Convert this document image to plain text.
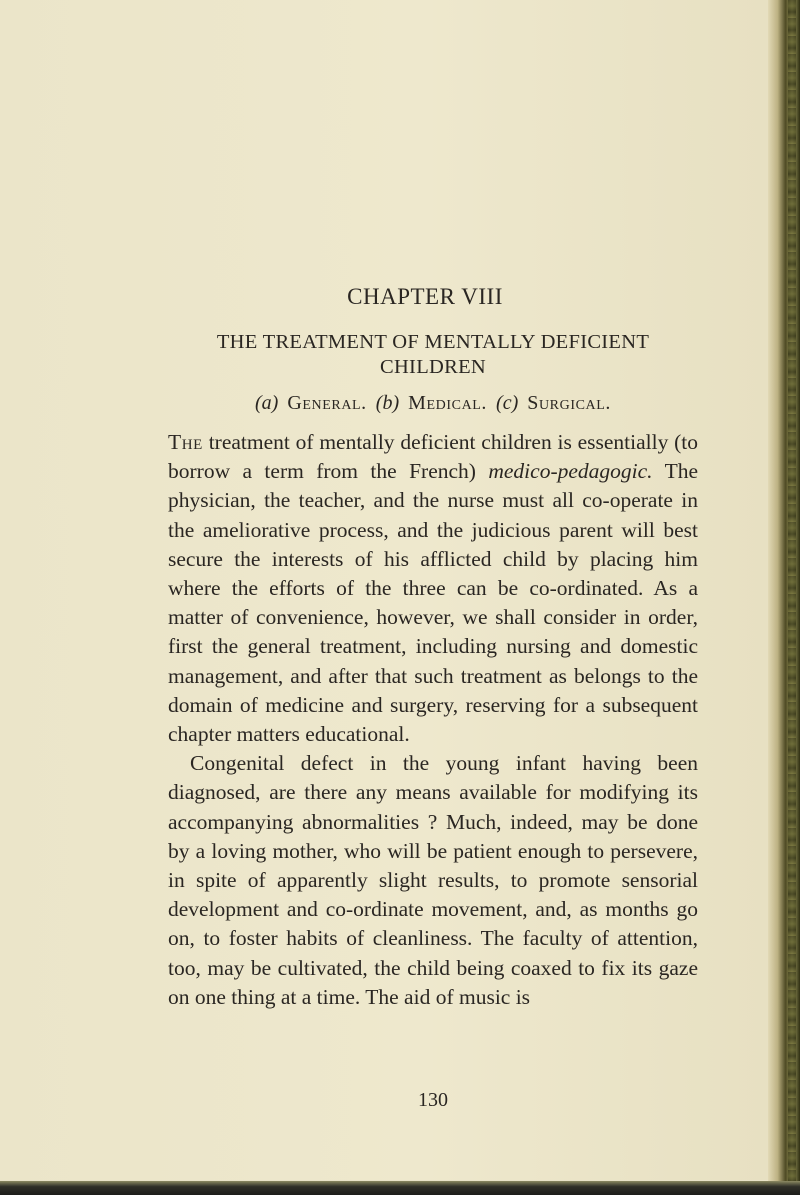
CHAPTER VIII
THE TREATMENT OF MENTALLY DEFICIENT CHILDREN
(a) General. (b) Medical. (c) Surgical.

The treatment of mentally deficient children is essentially (to borrow a term from the French) medico-pedagogic. The physician, the teacher, and the nurse must all co-operate in the ameliorative process, and the judicious parent will best secure the interests of his afflicted child by placing him where the efforts of the three can be co-ordinated. As a matter of convenience, however, we shall consider in order, first the general treatment, including nursing and domestic management, and after that such treatment as belongs to the domain of medicine and surgery, reserving for a subsequent chapter matters educational.

Congenital defect in the young infant having been diagnosed, are there any means available for modifying its accompanying abnormalities ? Much, indeed, may be done by a loving mother, who will be patient enough to persevere, in spite of apparently slight results, to promote sensorial development and co-ordinate movement, and, as months go on, to foster habits of cleanliness. The faculty of attention, too, may be cultivated, the child being coaxed to fix its gaze on one thing at a time. The aid of music is

130
